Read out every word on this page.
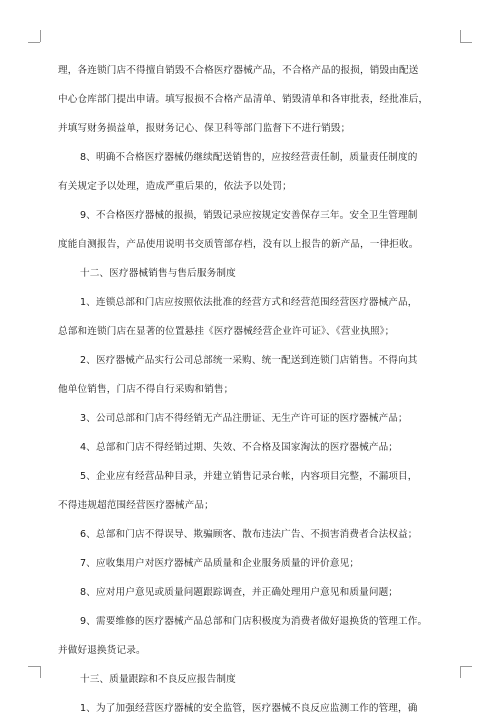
理，各连锁门店不得擅自销毁不合格医疗器械产品，不合格产品的报损，销毁由配送
中心仓库部门提出申请。填写报损不合格产品清单、销毁清单和各审批表，经批准后，
并填写财务损益单，报财务记心、保卫科等部门监督下不进行销毁；
8、明确不合格医疗器械仍继续配送销售的，应按经营责任制，质量责任制度的
有关规定予以处理，造成严重后果的，依法予以处罚；
9、不合格医疗器械的报损，销毁记录应按规定安善保存三年。安全卫生管理制
度能自测报告，产品使用说明书交质管部存档，没有以上报告的新产品，一律拒收。
十二、医疗器械销售与售后服务制度
1、连锁总部和门店应按照依法批准的经营方式和经营范围经营医疗器械产品，
总部和连锁门店在显著的位置悬挂《医疗器械经营企业许可证》、《营业执照》；
2、医疗器械产品实行公司总部统一采购、统一配送到连锁门店销售。不得向其
他单位销售，门店不得自行采购和销售；
3、公司总部和门店不得经销无产品注册证、无生产许可证的医疗器械产品；
4、总部和门店不得经销过期、失效、不合格及国家淘汰的医疗器械产品；
5、企业应有经营品种目录，并建立销售记录台帐，内容项目完整，不漏项目，
不得违规超范围经营医疗器械产品；
6、总部和门店不得误导、欺骗顾客、散布违法广告、不损害消费者合法权益；
7、应收集用户对医疗器械产品质量和企业服务质量的评价意见；
8、应对用户意见或质量问题跟踪调查，并正确处理用户意见和质量问题；
9、需要维修的医疗器械产品总部和门店积极度为消费者做好退换货的管理工作。
并做好退换货记录。
十三、质量跟踪和不良反应报告制度
1、为了加强经营医疗器械的安全监管，医疗器械不良反应监测工作的管理，确
